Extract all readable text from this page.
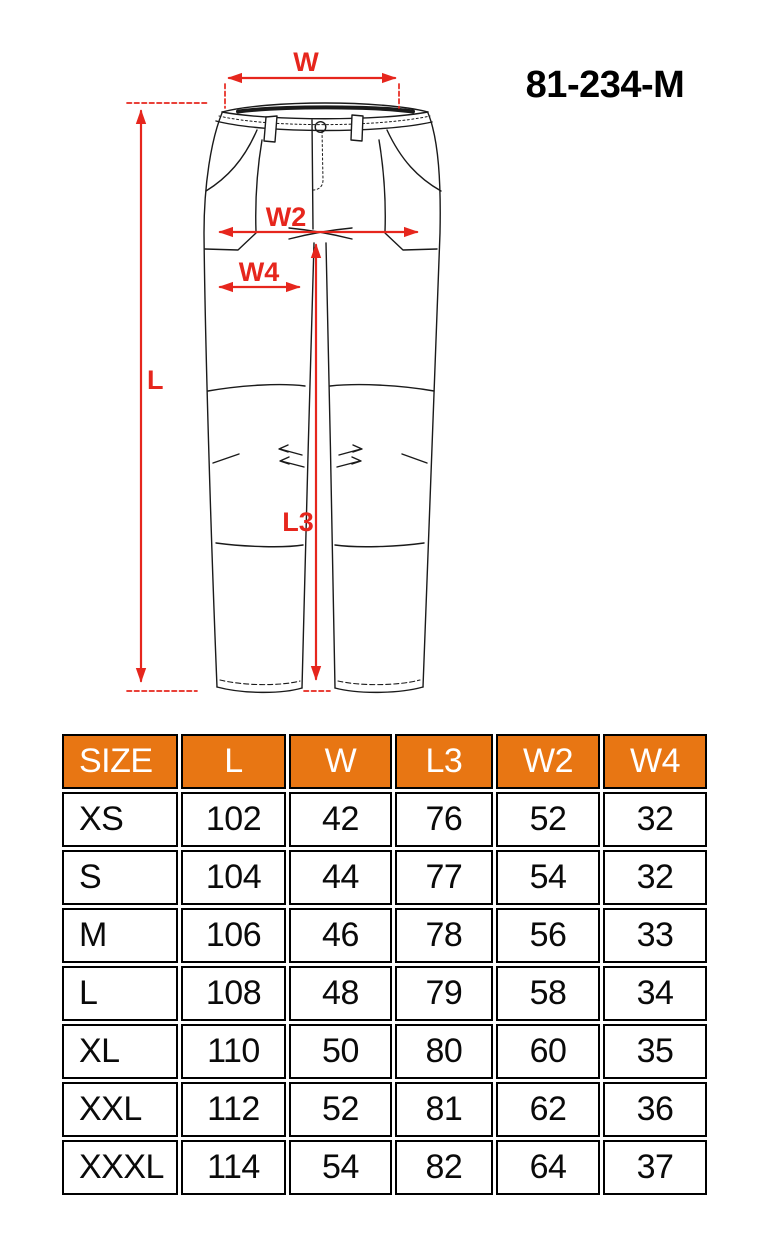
81-234-M
W
L
W2
W4
L3
SIZE	L	W	L3	W2	W4
XS	102	42	76	52	32
S	104	44	77	54	32
M	106	46	78	56	33
L	108	48	79	58	34
XL	110	50	80	60	35
XXL	112	52	81	62	36
XXXL	114	54	82	64	37
